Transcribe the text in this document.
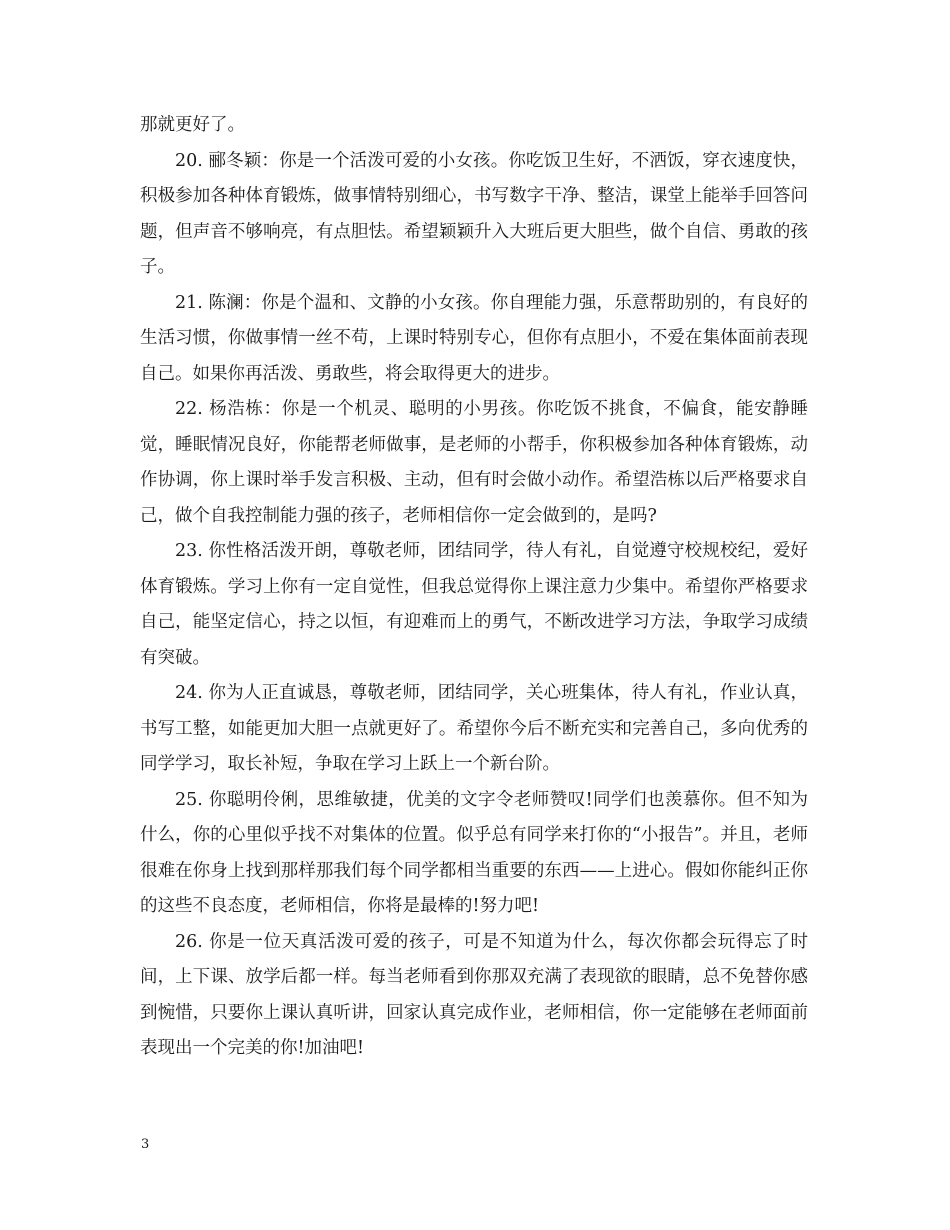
那就更好了。

20. 郦冬颖：你是一个活泼可爱的小女孩。你吃饭卫生好，不洒饭，穿衣速度快，积极参加各种体育锻炼，做事情特别细心，书写数字干净、整洁，课堂上能举手回答问题，但声音不够响亮，有点胆怯。希望颖颖升入大班后更大胆些，做个自信、勇敢的孩子。

21. 陈澜：你是个温和、文静的小女孩。你自理能力强，乐意帮助别的，有良好的生活习惯，你做事情一丝不苟，上课时特别专心，但你有点胆小，不爱在集体面前表现自己。如果你再活泼、勇敢些，将会取得更大的进步。

22. 杨浩栋：你是一个机灵、聪明的小男孩。你吃饭不挑食，不偏食，能安静睡觉，睡眠情况良好，你能帮老师做事，是老师的小帮手，你积极参加各种体育锻炼，动作协调，你上课时举手发言积极、主动，但有时会做小动作。希望浩栋以后严格要求自己，做个自我控制能力强的孩子，老师相信你一定会做到的，是吗?

23. 你性格活泼开朗，尊敬老师，团结同学，待人有礼，自觉遵守校规校纪，爱好体育锻炼。学习上你有一定自觉性，但我总觉得你上课注意力少集中。希望你严格要求自己，能坚定信心，持之以恒，有迎难而上的勇气，不断改进学习方法，争取学习成绩有突破。

24. 你为人正直诚恳，尊敬老师，团结同学，关心班集体，待人有礼，作业认真，书写工整，如能更加大胆一点就更好了。希望你今后不断充实和完善自己，多向优秀的同学学习，取长补短，争取在学习上跃上一个新台阶。

25. 你聪明伶俐，思维敏捷，优美的文字令老师赞叹!同学们也羡慕你。但不知为什么，你的心里似乎找不对集体的位置。似乎总有同学来打你的“小报告”。并且，老师很难在你身上找到那样那我们每个同学都相当重要的东西——上进心。假如你能纠正你的这些不良态度，老师相信，你将是最棒的!努力吧!

26. 你是一位天真活泼可爱的孩子，可是不知道为什么，每次你都会玩得忘了时间，上下课、放学后都一样。每当老师看到你那双充满了表现欲的眼睛，总不免替你感到惋惜，只要你上课认真听讲，回家认真完成作业，老师相信，你一定能够在老师面前表现出一个完美的你!加油吧!

3
